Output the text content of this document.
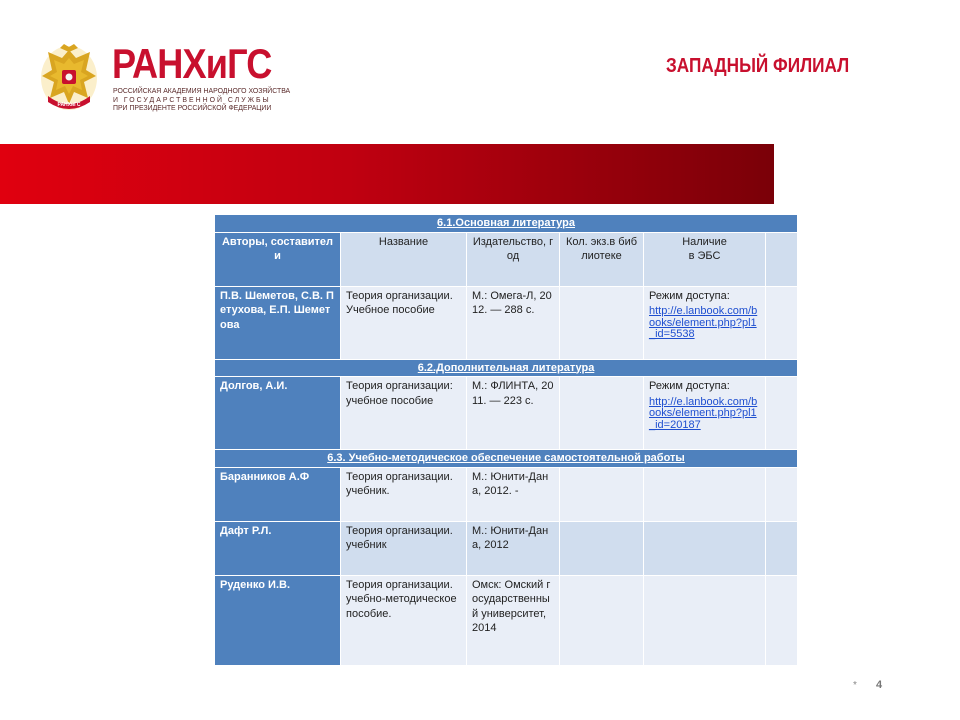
РАНХиГС
РАНХиГС
РОССИЙСКАЯ АКАДЕМИЯ НАРОДНОГО ХОЗЯЙСТВА
И ГОСУДАРСТВЕННОЙ СЛУЖБЫ
ПРИ ПРЕЗИДЕНТЕ РОССИЙСКОЙ ФЕДЕРАЦИИ
ЗАПАДНЫЙ ФИЛИАЛ
6.1.Основная литература					
Авторы, составители	Название	Издательство, год	Кол. экз.в библиотеке	Наличие в ЭБС	
П.В. Шеметов, С.В. Петухова, Е.П. Шеметова	Теория организации. Учебное пособие	М.: Омега-Л, 2012. — 288 с.		Режим доступа:
http://e.lanbook.com/books/element.php?pl1_id=5538	

6.2.Дополнительная литература					
Долгов, А.И.	Теория организации: учебное пособие	М.: ФЛИНТА, 2011. — 223 с.		Режим доступа:
http://e.lanbook.com/books/element.php?pl1_id=20187	

6.3. Учебно-методическое обеспечение самостоятельной работы					
Баранников А.Ф	Теория организации. учебник.	М.: Юнити-Дана, 2012. -			
Дафт Р.Л.	Теория организации. учебник	М.: Юнити-Дана, 2012			
Руденко И.В.	Теория организации. учебно-методическое пособие.	Омск: Омский государственный университет, 2014			
* 4
